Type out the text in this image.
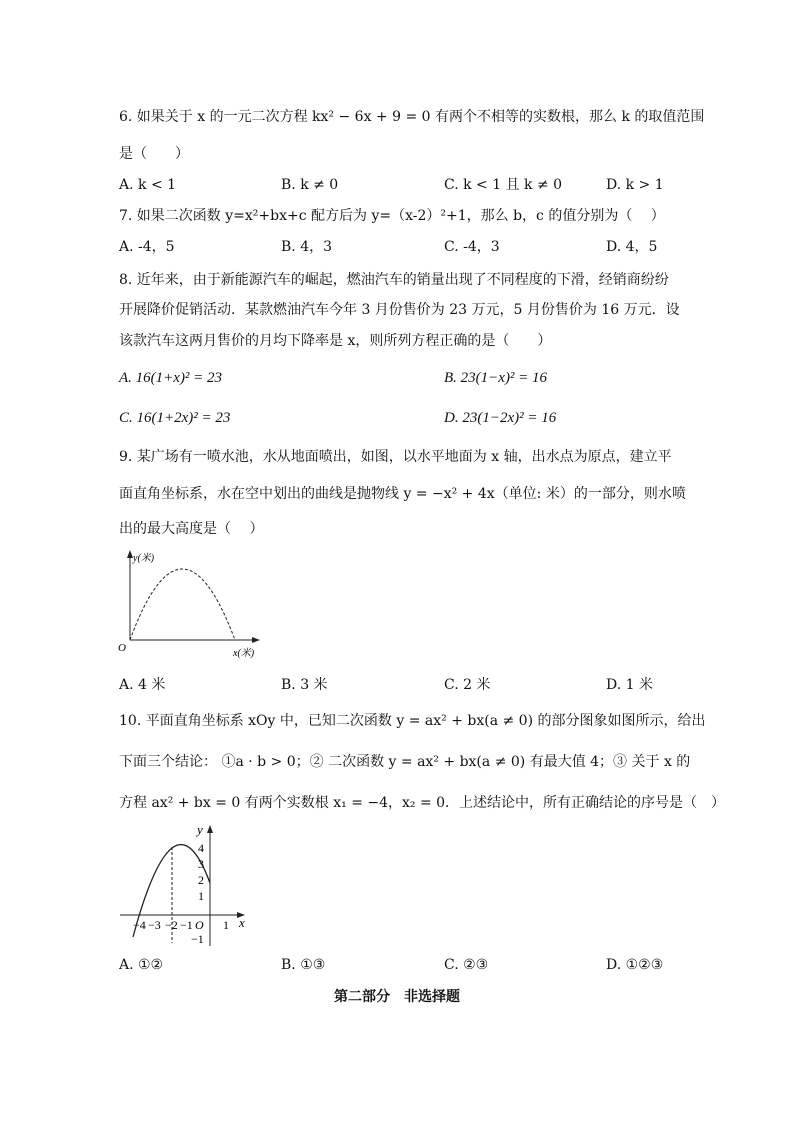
6. 如果关于 x 的一元二次方程 kx² − 6x + 9 = 0 有两个不相等的实数根，那么 k 的取值范围
是（　　）
A. k < 1	B. k ≠ 0	C. k < 1 且 k ≠ 0	D. k > 1
7. 如果二次函数 y=x²+bx+c 配方后为 y=（x-2）²+1，那么 b，c 的值分别为（　 ）
A. -4，5	B. 4，3	C. -4，3	D. 4，5
8. 近年来，由于新能源汽车的崛起，燃油汽车的销量出现了不同程度的下滑，经销商纷纷
开展降价促销活动．某款燃油汽车今年 3 月份售价为 23 万元，5 月份售价为 16 万元．设
该款汽车这两月售价的月均下降率是 x，则所列方程正确的是（　　）
A. 16(1+x)² = 23	B. 23(1−x)² = 16
C. 16(1+2x)² = 23	D. 23(1−2x)² = 16
9. 某广场有一喷水池，水从地面喷出，如图，以水平地面为 x 轴，出水点为原点，建立平
面直角坐标系，水在空中划出的曲线是抛物线 y = −x² + 4x（单位: 米）的一部分，则水喷
出的最大高度是（　 ）
y(米)
x(米)
O
A. 4 米	B. 3 米	C. 2 米	D. 1 米
10. 平面直角坐标系 xOy 中，已知二次函数 y = ax² + bx(a ≠ 0) 的部分图象如图所示，给出
下面三个结论： ①a · b > 0；② 二次函数 y = ax² + bx(a ≠ 0) 有最大值 4；③ 关于 x 的
方程 ax² + bx = 0 有两个实数根 x₁ = −4，x₂ = 0．上述结论中，所有正确结论的序号是（　）
y
x
O
4
3
2
1
−1
−4 −3 −2 −1	1
A. ①②	B. ①③	C. ②③	D. ①②③
第二部分　非选择题
